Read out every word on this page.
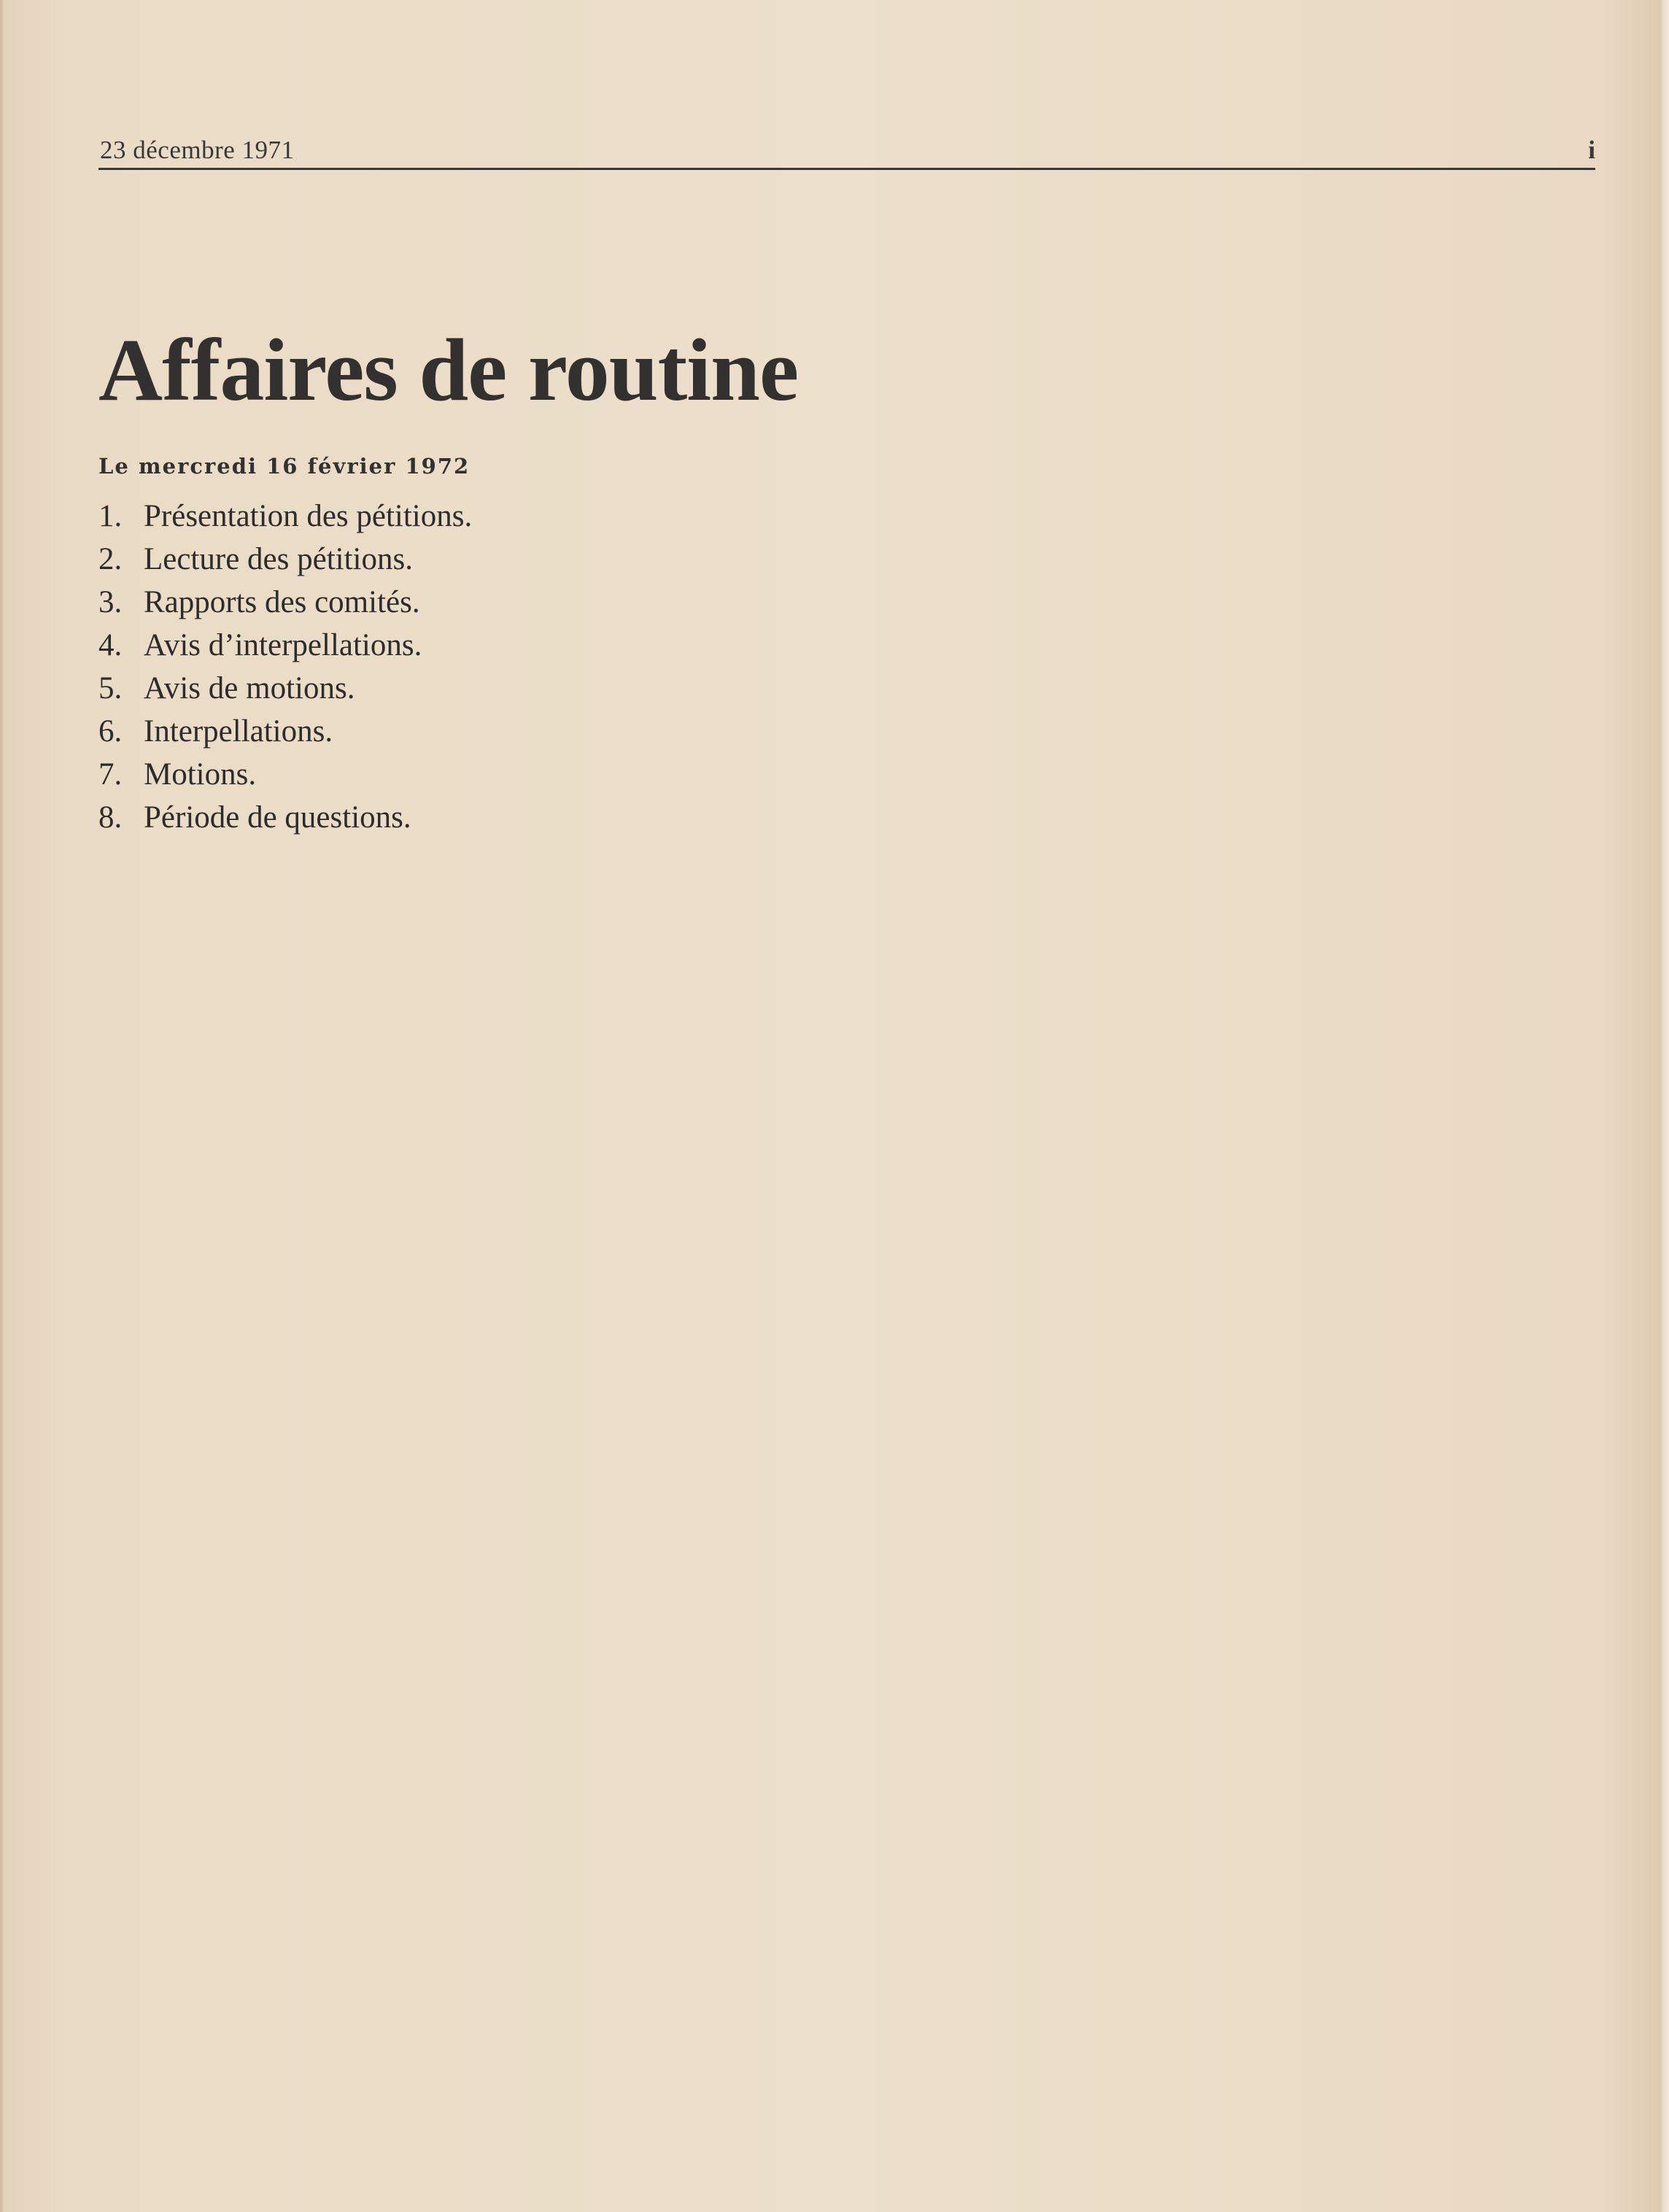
23 décembre 1971	i
Affaires de routine
Le mercredi 16 février 1972
1. Présentation des pétitions.
2. Lecture des pétitions.
3. Rapports des comités.
4. Avis d’interpellations.
5. Avis de motions.
6. Interpellations.
7. Motions.
8. Période de questions.
